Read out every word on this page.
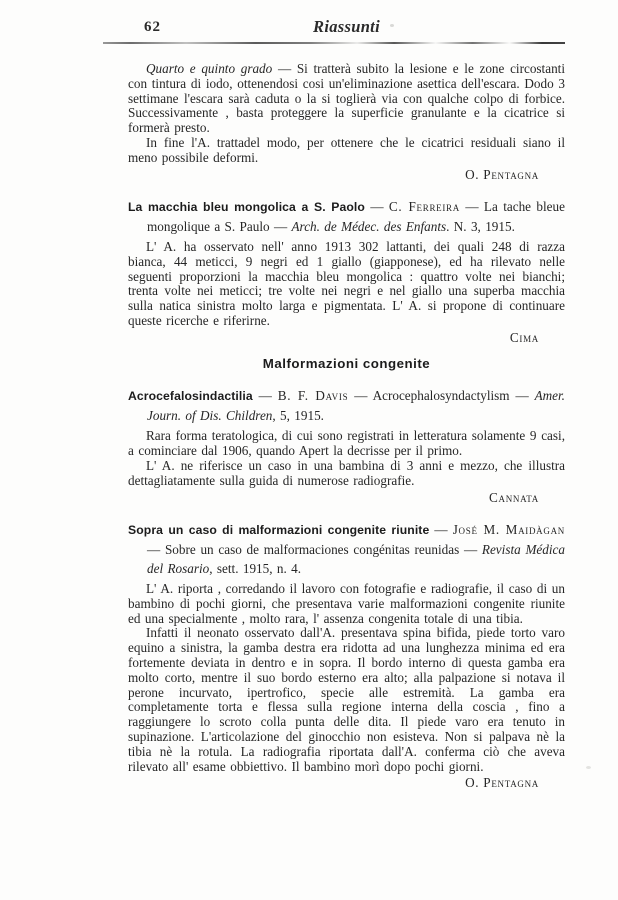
62	Riassunti

Quarto e quinto grado — Si tratterà subito la lesione e le zone circostanti con tintura di iodo, ottenendosi cosi un'eliminazione asettica dell'escara. Dodo 3 settimane l'escara sarà caduta o la si toglierà via con qualche colpo di forbice. Successivamente , basta proteggere la superficie granulante e la cicatrice si formerà presto.

In fine l'A. trattadel modo, per ottenere che le cicatrici residuali siano il meno possibile deformi.

O. Pentagna

La macchia bleu mongolica a S. Paolo — C. Ferreira — La tache bleue mongolique a S. Paulo — Arch. de Médec. des Enfants. N. 3, 1915.

L' A. ha osservato nell' anno 1913 302 lattanti, dei quali 248 di razza bianca, 44 meticci, 9 negri ed 1 giallo (giapponese), ed ha rilevato nelle seguenti proporzioni la macchia bleu mongolica : quattro volte nei bianchi; trenta volte nei meticci; tre volte nei negri e nel giallo una superba macchia sulla natica sinistra molto larga e pigmentata. L' A. si propone di continuare queste ricerche e riferirne.

Cima

Malformazioni congenite

Acrocefalosindactilia — B. F. Davis — Acrocephalosyndactylism — Amer. Journ. of Dis. Children, 5, 1915.

Rara forma teratologica, di cui sono registrati in letteratura solamente 9 casi, a cominciare dal 1906, quando Apert la decrisse per il primo.

L' A. ne riferisce un caso in una bambina di 3 anni e mezzo, che illustra dettagliatamente sulla guida di numerose radiografie.

Cannata

Sopra un caso di malformazioni congenite riunite — José M. Maidàgan — Sobre un caso de malformaciones congénitas reunidas — Revista Médica del Rosario, sett. 1915, n. 4.

L' A. riporta , corredando il lavoro con fotografie e radiografie, il caso di un bambino di pochi giorni, che presentava varie malformazioni congenite riunite ed una specialmente , molto rara, l' assenza congenita totale di una tibia.

Infatti il neonato osservato dall'A. presentava spina bifida, piede torto varo equino a sinistra, la gamba destra era ridotta ad una lunghezza minima ed era fortemente deviata in dentro e in sopra. Il bordo interno di questa gamba era molto corto, mentre il suo bordo esterno era alto; alla palpazione si notava il perone incurvato, ipertrofico, specie alle estremità. La gamba era completamente torta e flessa sulla regione interna della coscia , fino a raggiungere lo scroto colla punta delle dita. Il piede varo era tenuto in supinazione. L'articolazione del ginocchio non esisteva. Non si palpava nè la tibia nè la rotula. La radiografia riportata dall'A. conferma ciò che aveva rilevato all' esame obbiettivo. Il bambino morì dopo pochi giorni.

O. Pentagna
